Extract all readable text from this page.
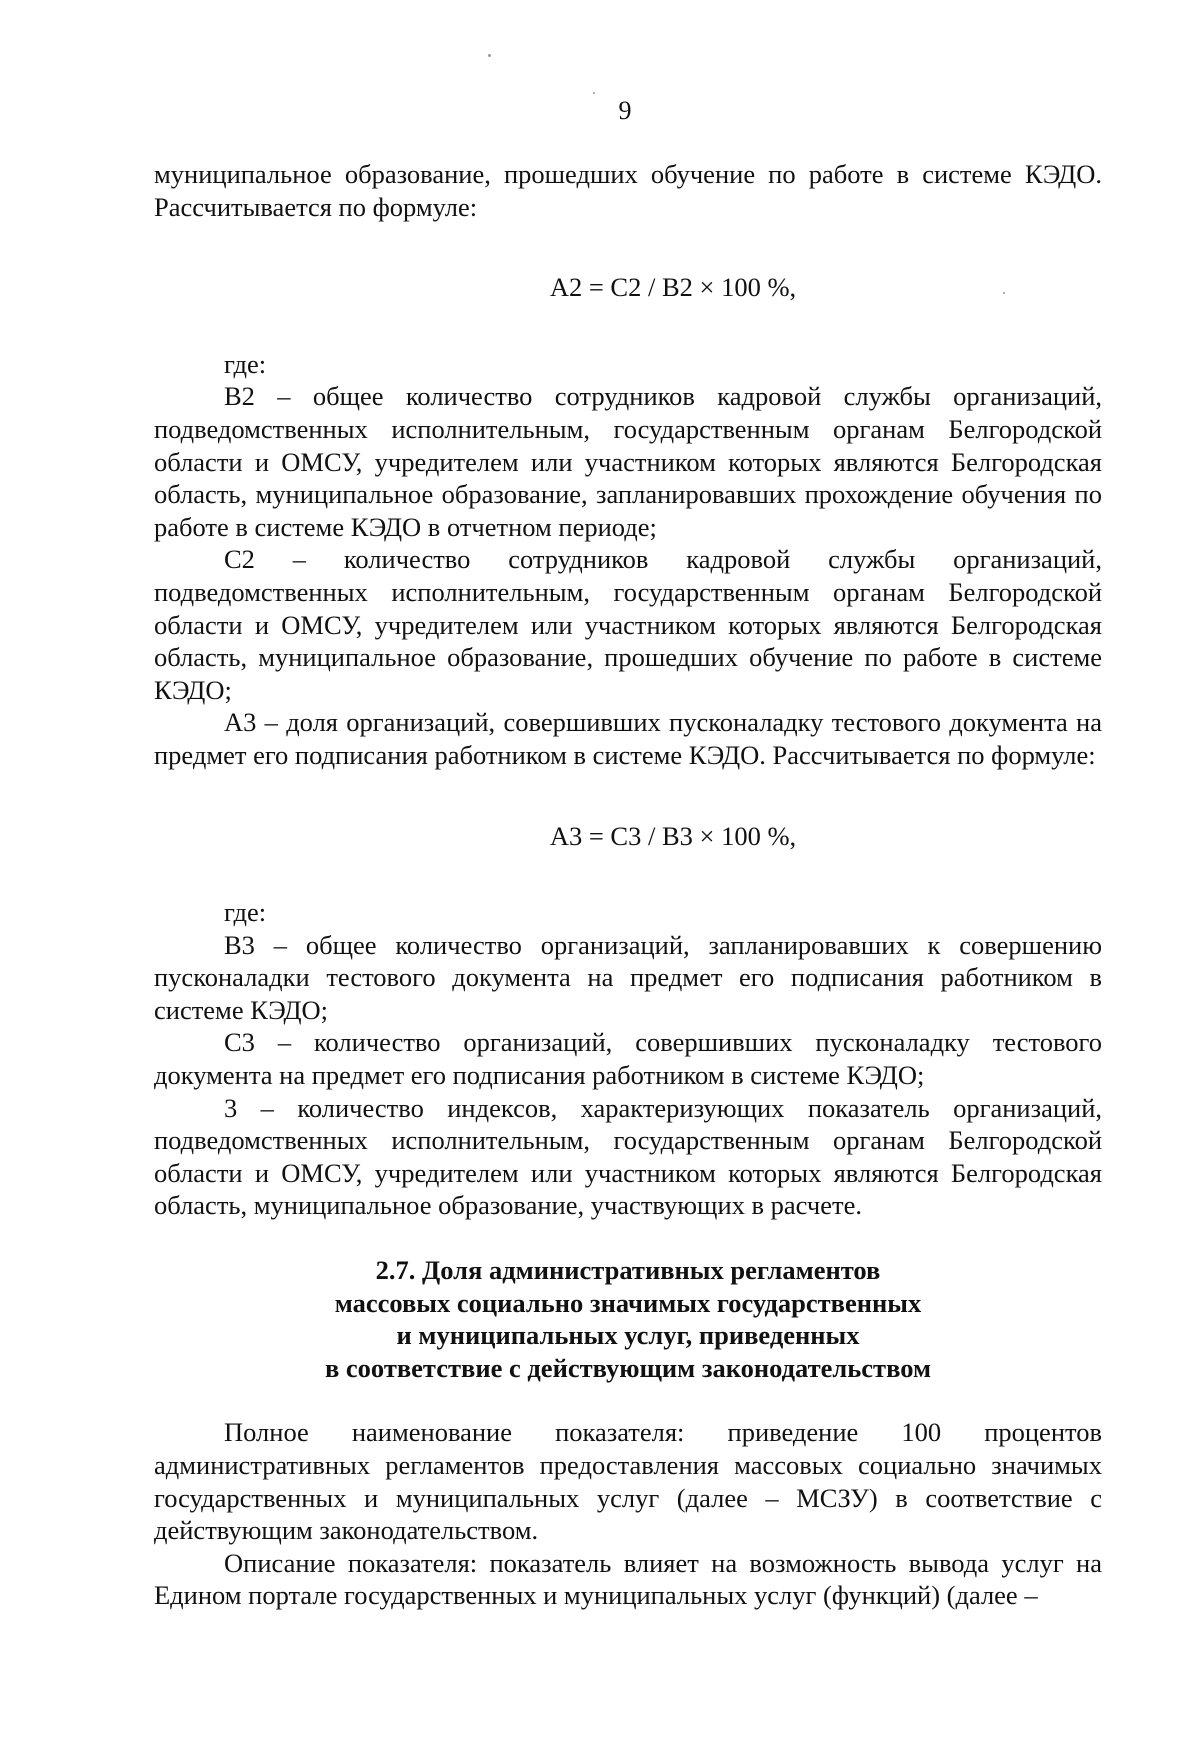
9

муниципальное образование, прошедших обучение по работе в системе КЭДО. Рассчитывается по формуле:

A2 = C2 / B2 × 100 %,

где:

B2 – общее количество сотрудников кадровой службы организаций, подведомственных исполнительным, государственным органам Белгородской области и ОМСУ, учредителем или участником которых являются Белгородская область, муниципальное образование, запланировавших прохождение обучения по работе в системе КЭДО в отчетном периоде;

C2 – количество сотрудников кадровой службы организаций, подведомственных исполнительным, государственным органам Белгородской области и ОМСУ, учредителем или участником которых являются Белгородская область, муниципальное образование, прошедших обучение по работе в системе КЭДО;

A3 – доля организаций, совершивших пусконаладку тестового документа на предмет его подписания работником в системе КЭДО. Рассчитывается по формуле:

A3 = C3 / B3 × 100 %,

где:

B3 – общее количество организаций, запланировавших к совершению пусконаладки тестового документа на предмет его подписания работником в системе КЭДО;

C3 – количество организаций, совершивших пусконаладку тестового документа на предмет его подписания работником в системе КЭДО;

3 – количество индексов, характеризующих показатель организаций, подведомственных исполнительным, государственным органам Белгородской области и ОМСУ, учредителем или участником которых являются Белгородская область, муниципальное образование, участвующих в расчете.

2.7. Доля административных регламентов
массовых социально значимых государственных
и муниципальных услуг, приведенных
в соответствие с действующим законодательством

Полное наименование показателя: приведение 100 процентов административных регламентов предоставления массовых социально значимых государственных и муниципальных услуг (далее – МСЗУ) в соответствие с действующим законодательством.

Описание показателя: показатель влияет на возможность вывода услуг на Едином портале государственных и муниципальных услуг (функций) (далее –
